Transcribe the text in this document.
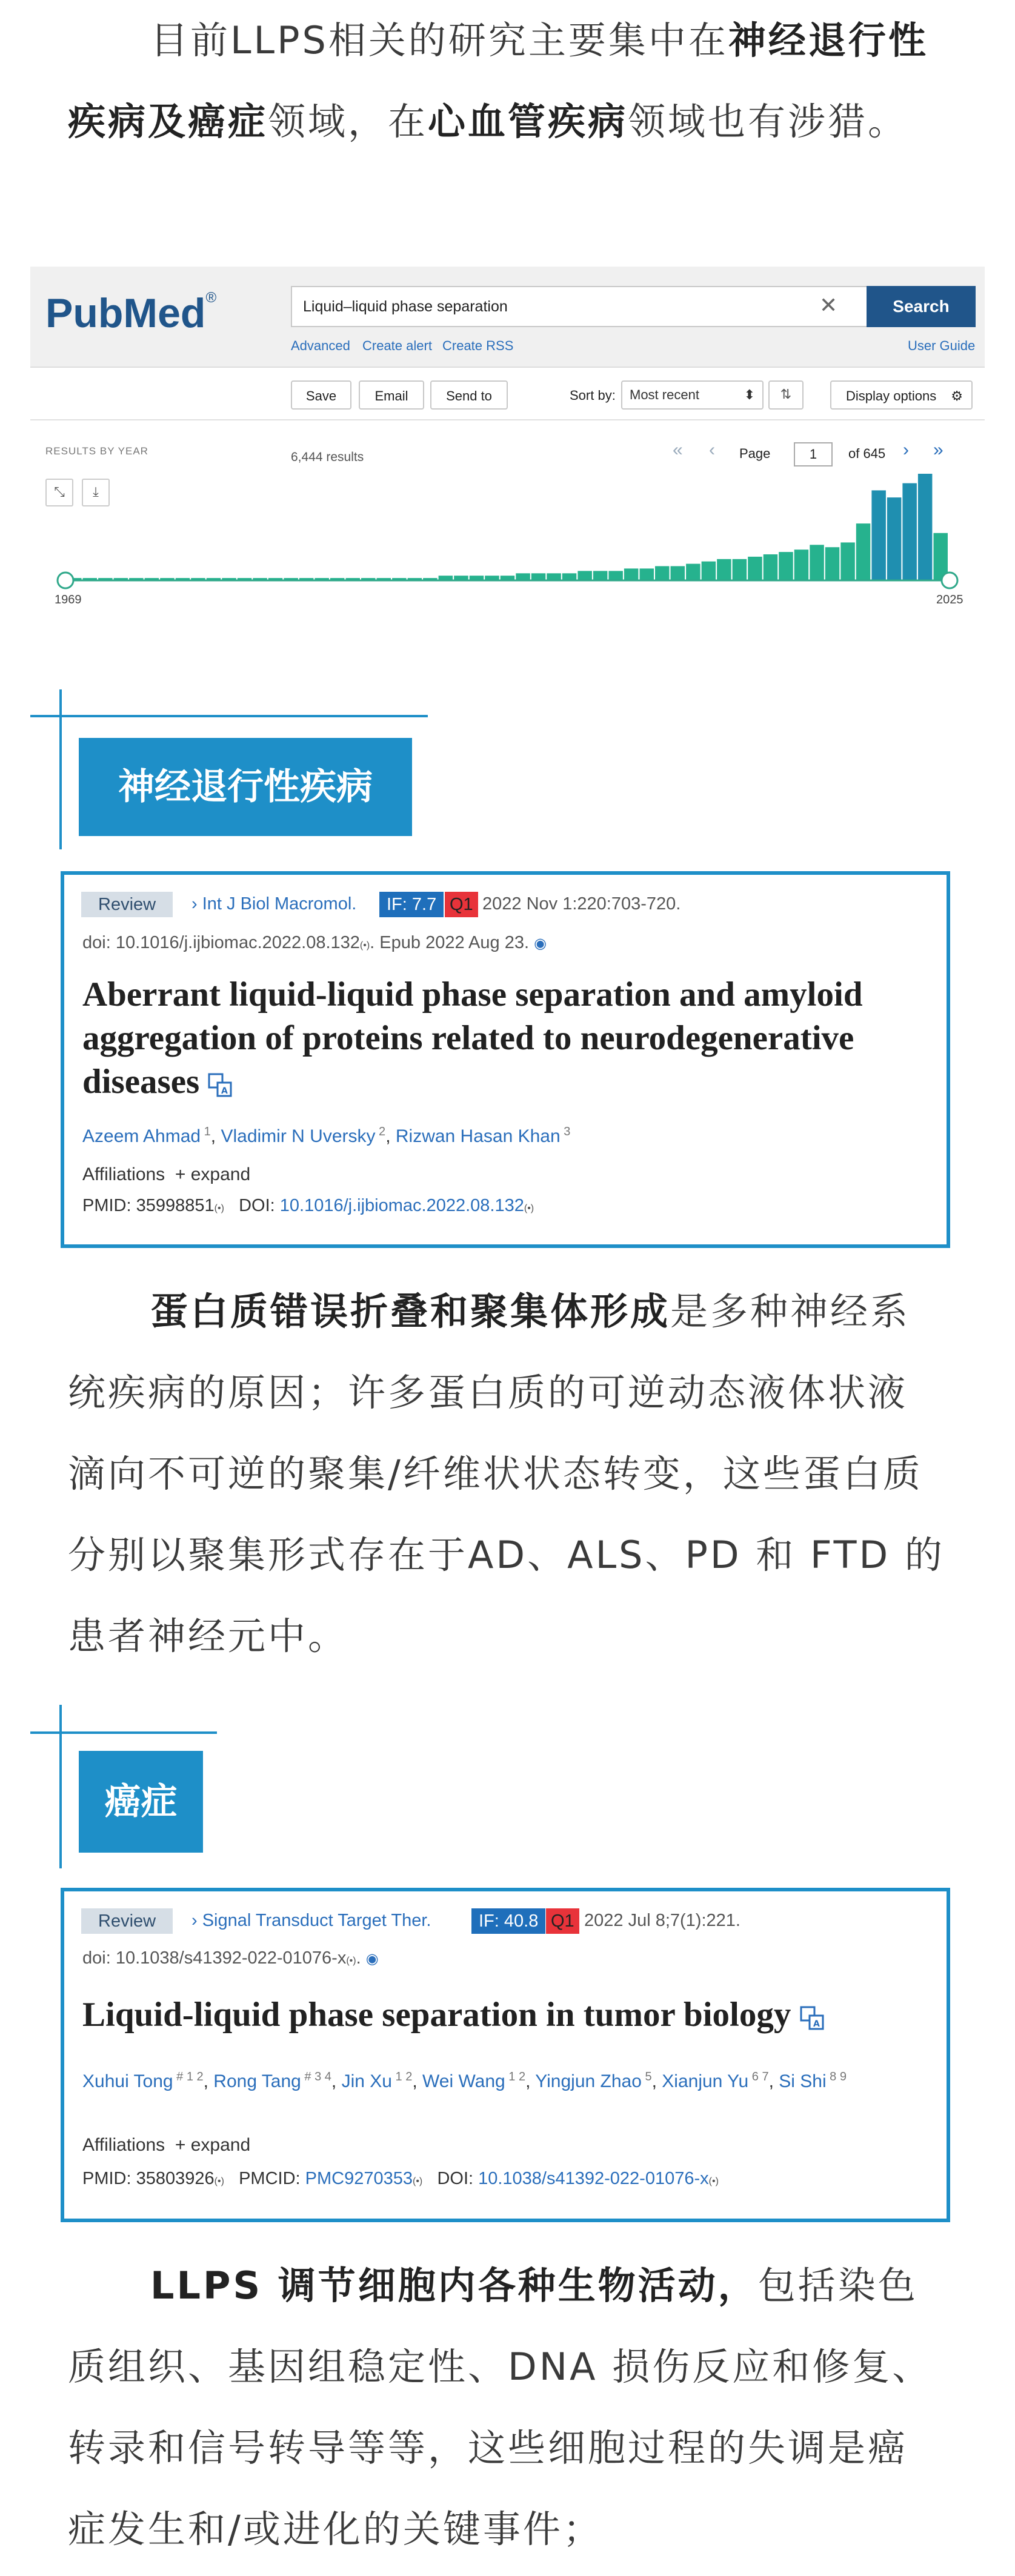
目前LLPS相关的研究主要集中在神经退行性疾病及癌症领域，在心血管疾病领域也有涉猎。
PubMed®
Liquid–liquid phase separation	✕	Search
Advanced Create alert Create RSS	User Guide
Save	Email	Send to	Sort by:	Most recent	⬍	⇅	Display options ⚙
RESULTS BY YEAR
⤡	⤓
6,444 results	« ‹ Page	1	of 645 › »
1969	2025
神经退行性疾病
Review	› Int J Biol Macromol.	IF: 7.7 Q1 2022 Nov 1:220:703-720.
doi: 10.1016/j.ijbiomac.2022.08.132(•). Epub 2022 Aug 23. ◉
Aberrant liquid-liquid phase separation and amyloid aggregation of proteins related to neurodegenerative diseases	A
Azeem Ahmad $^1$, Vladimir N Uversky $^2$, Rizwan Hasan Khan $^3$
Affiliations + expand
PMID: 35998851(•) DOI: 10.1016/j.ijbiomac.2022.08.132(•)
蛋白质错误折叠和聚集体形成是多种神经系统疾病的原因；许多蛋白质的可逆动态液体状液滴向不可逆的聚集/纤维状状态转变，这些蛋白质分别以聚集形式存在于AD、ALS、PD 和 FTD 的患者神经元中。
癌症
Review	› Signal Transduct Target Ther.	IF: 40.8 Q1 2022 Jul 8;7(1):221.
doi: 10.1038/s41392-022-01076-x(•). ◉
Liquid-liquid phase separation in tumor biology	A
Xuhui Tong $^{\# 1 2}$, Rong Tang $^{\# 3 4}$, Jin Xu $^{1 2}$, Wei Wang $^{1 2}$, Yingjun Zhao $^5$, Xianjun Yu $^{6 7}$, Si Shi $^{8 9}$
Affiliations + expand
PMID: 35803926(•) PMCID: PMC9270353(•) DOI: 10.1038/s41392-022-01076-x(•)
LLPS 调节细胞内各种生物活动，包括染色质组织、基因组稳定性、DNA 损伤反应和修复、转录和信号转导等等，这些细胞过程的失调是癌症发生和/或进化的关键事件；
